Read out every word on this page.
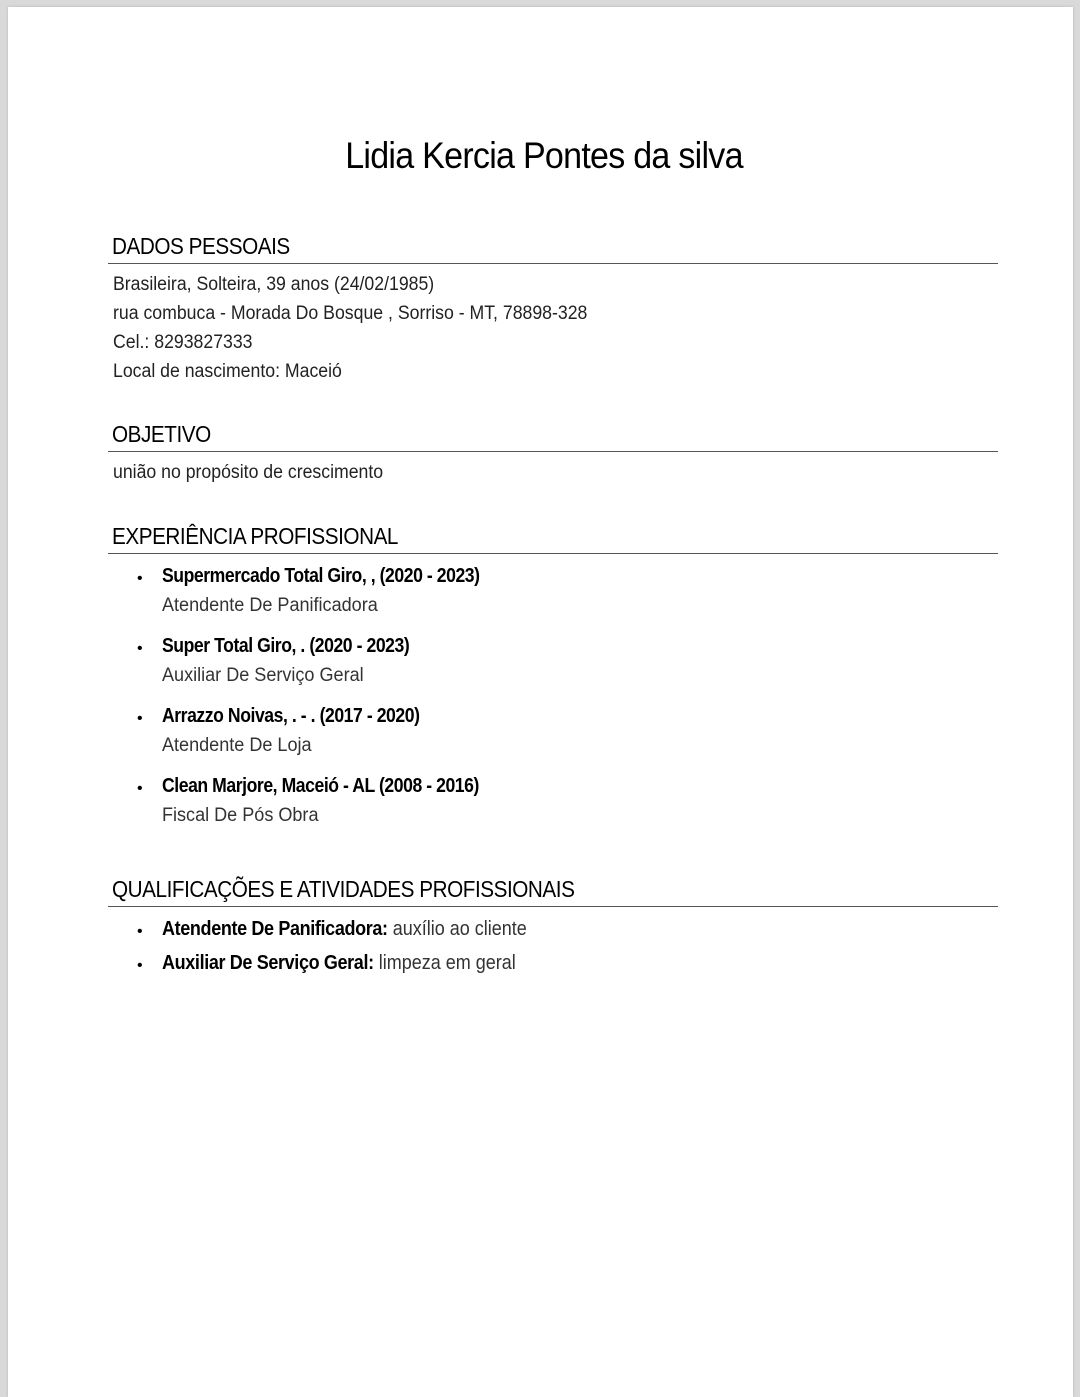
Lidia Kercia Pontes da silva
DADOS PESSOAIS
Brasileira, Solteira, 39 anos (24/02/1985)
rua combuca - Morada Do Bosque , Sorriso - MT, 78898-328
Cel.: 8293827333
Local de nascimento: Maceió
OBJETIVO
união no propósito de crescimento
EXPERIÊNCIA PROFISSIONAL
• Supermercado Total Giro, , (2020 - 2023)
Atendente De Panificadora
• Super Total Giro, . (2020 - 2023)
Auxiliar De Serviço Geral
• Arrazzo Noivas, . - . (2017 - 2020)
Atendente De Loja
• Clean Marjore, Maceió - AL (2008 - 2016)
Fiscal De Pós Obra
QUALIFICAÇÕES E ATIVIDADES PROFISSIONAIS
• Atendente De Panificadora: auxílio ao cliente
• Auxiliar De Serviço Geral: limpeza em geral
